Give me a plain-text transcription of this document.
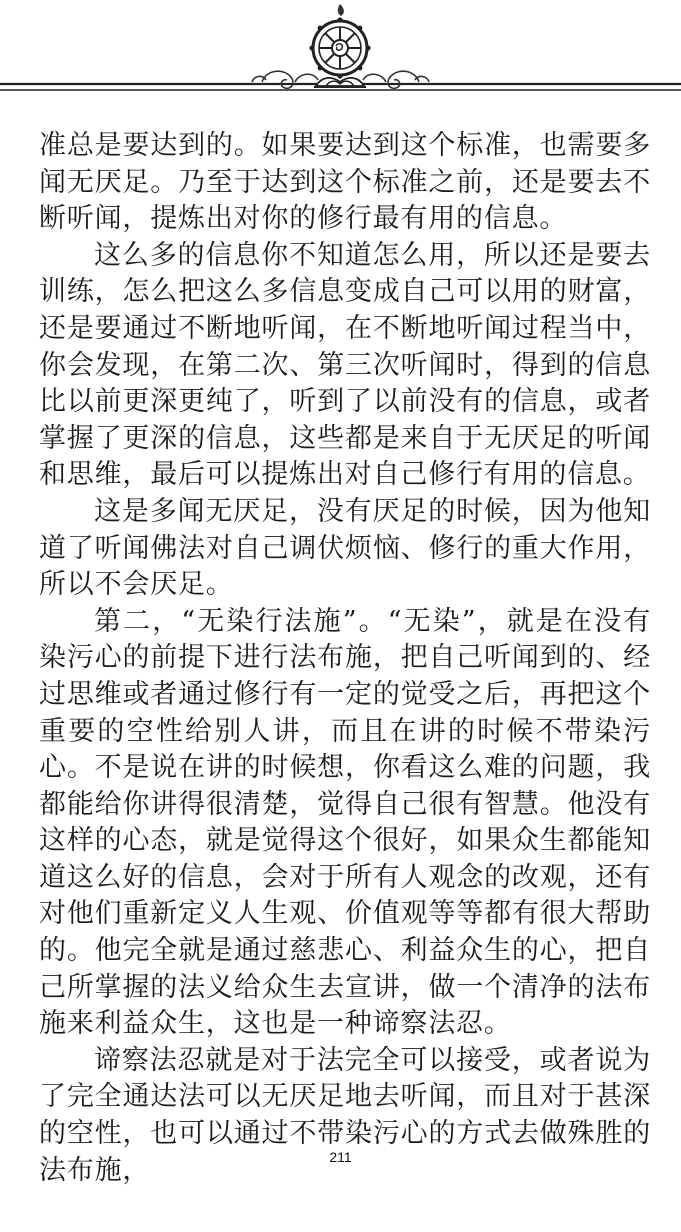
准总是要达到的。如果要达到这个标准，也需要多闻无厌足。乃至于达到这个标准之前，还是要去不断听闻，提炼出对你的修行最有用的信息。

这么多的信息你不知道怎么用，所以还是要去训练，怎么把这么多信息变成自己可以用的财富，还是要通过不断地听闻，在不断地听闻过程当中，你会发现，在第二次、第三次听闻时，得到的信息比以前更深更纯了，听到了以前没有的信息，或者掌握了更深的信息，这些都是来自于无厌足的听闻和思维，最后可以提炼出对自己修行有用的信息。

这是多闻无厌足，没有厌足的时候，因为他知道了听闻佛法对自己调伏烦恼、修行的重大作用，所以不会厌足。

第二，“无染行法施”。“无染”，就是在没有染污心的前提下进行法布施，把自己听闻到的、经过思维或者通过修行有一定的觉受之后，再把这个重要的空性给别人讲，而且在讲的时候不带染污心。不是说在讲的时候想，你看这么难的问题，我都能给你讲得很清楚，觉得自己很有智慧。他没有这样的心态，就是觉得这个很好，如果众生都能知道这么好的信息，会对于所有人观念的改观，还有对他们重新定义人生观、价值观等等都有很大帮助的。他完全就是通过慈悲心、利益众生的心，把自己所掌握的法义给众生去宣讲，做一个清净的法布施来利益众生，这也是一种谛察法忍。

谛察法忍就是对于法完全可以接受，或者说为了完全通达法可以无厌足地去听闻，而且对于甚深的空性，也可以通过不带染污心的方式去做殊胜的法布施，	211
